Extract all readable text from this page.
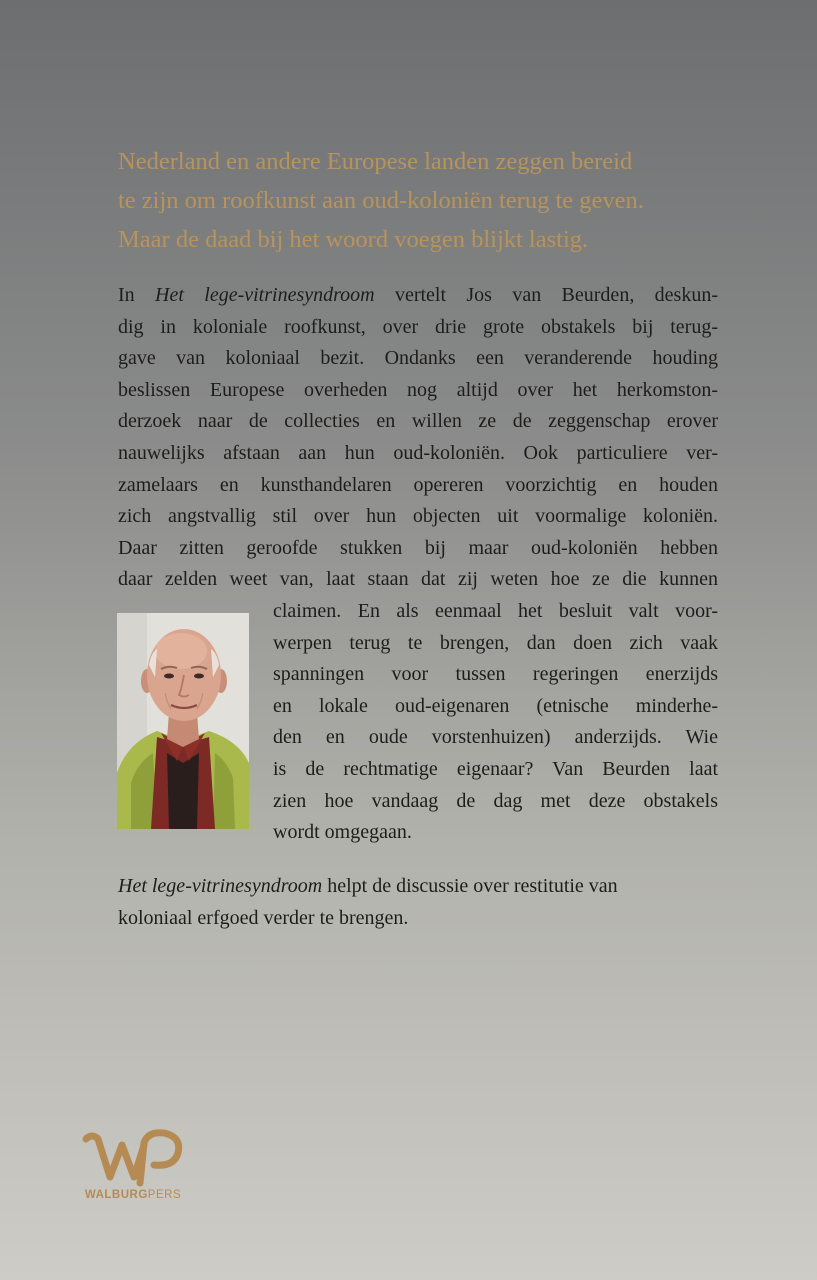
Nederland en andere Europese landen zeggen bereid
te zijn om roofkunst aan oud-koloniën terug te geven.
Maar de daad bij het woord voegen blijkt lastig.

In Het lege-vitrinesyndroom vertelt Jos van Beurden, deskun-
dig in koloniale roofkunst, over drie grote obstakels bij terug-
gave van koloniaal bezit. Ondanks een veranderende houding
beslissen Europese overheden nog altijd over het herkomston-
derzoek naar de collecties en willen ze de zeggenschap erover
nauwelijks afstaan aan hun oud-koloniën. Ook particuliere ver-
zamelaars en kunsthandelaren opereren voorzichtig en houden
zich angstvallig stil over hun objecten uit voormalige koloniën.
Daar zitten geroofde stukken bij maar oud-koloniën hebben
daar zelden weet van, laat staan dat zij weten hoe ze die kunnen
claimen. En als eenmaal het besluit valt voor-
werpen terug te brengen, dan doen zich vaak
spanningen voor tussen regeringen enerzijds
en lokale oud-eigenaren (etnische minderhe-
den en oude vorstenhuizen) anderzijds. Wie
is de rechtmatige eigenaar? Van Beurden laat
zien hoe vandaag de dag met deze obstakels
wordt omgegaan.
Het lege-vitrinesyndroom helpt de discussie over restitutie van
koloniaal erfgoed verder te brengen.
WALBURGPERS
